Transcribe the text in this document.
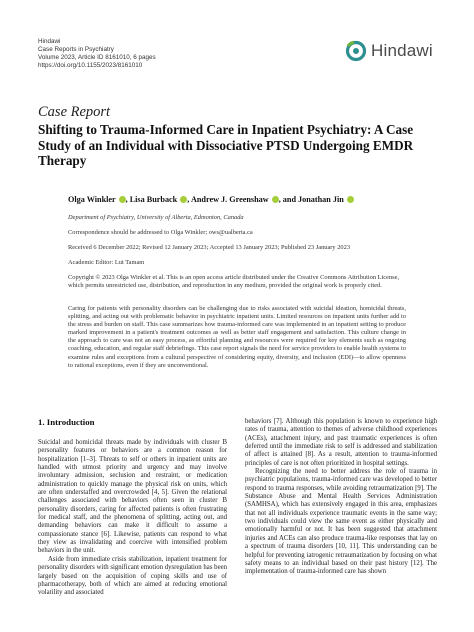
Hindawi
Case Reports in Psychiatry
Volume 2023, Article ID 8161010, 6 pages
https://doi.org/10.1155/2023/8161010
Hindawi
Case Report
Shifting to Trauma-Informed Care in Inpatient Psychiatry: A Case Study of an Individual with Dissociative PTSD Undergoing EMDR Therapy
Olga Winkler , Lisa Burback , Andrew J. Greenshaw , and Jonathan Jin
Department of Psychiatry, University of Alberta, Edmonton, Canada
Correspondence should be addressed to Olga Winkler; ows@ualberta.ca
Received 6 December 2022; Revised 12 January 2023; Accepted 13 January 2023; Published 23 January 2023
Academic Editor: Lut Tamam
Copyright © 2023 Olga Winkler et al. This is an open access article distributed under the Creative Commons Attribution License,
which permits unrestricted use, distribution, and reproduction in any medium, provided the original work is properly cited.

Caring for patients with personality disorders can be challenging due to risks associated with suicidal ideation, homicidal threats, splitting, and acting out with problematic behavior in psychiatric inpatient units. Limited resources on inpatient units further add to the stress and burden on staff. This case summarizes how trauma-informed care was implemented in an inpatient setting to produce marked improvement in a patient's treatment outcomes as well as better staff engagement and satisfaction. This culture change in the approach to care was not an easy process, as effortful planning and resources were required for key elements such as ongoing coaching, education, and regular staff debriefings. This case report signals the need for service providers to enable health systems to examine rules and exceptions from a cultural perspective of considering equity, diversity, and inclusion (EDI)—to allow openness to rational exceptions, even if they are unconventional.

1. Introduction

Suicidal and homicidal threats made by individuals with cluster B personality features or behaviors are a common reason for hospitalization [1–3]. Threats to self or others in inpatient units are handled with utmost priority and urgency and may involve involuntary admission, seclusion and restraint, or medication administration to quickly manage the physical risk on units, which are often understaffed and overcrowded [4, 5]. Given the relational challenges associated with behaviors often seen in cluster B personality disorders, caring for affected patients is often frustrating for medical staff, and the phenomena of splitting, acting out, and demanding behaviors can make it difficult to assume a compassionate stance [6]. Likewise, patients can respond to what they view as invalidating and coercive with intensified problem behaviors in the unit.

Aside from immediate crisis stabilization, inpatient treatment for personality disorders with significant emotion dysregulation has been largely based on the acquisition of coping skills and use of pharmacotherapy, both of which are aimed at reducing emotional volatility and associated

behaviors [7]. Although this population is known to experience high rates of trauma, attention to themes of adverse childhood experiences (ACEs), attachment injury, and past traumatic experiences is often deferred until the immediate risk to self is addressed and stabilization of affect is attained [8]. As a result, attention to trauma-informed principles of care is not often prioritized in hospital settings.

Recognizing the need to better address the role of trauma in psychiatric populations, trauma-informed care was developed to better respond to trauma responses, while avoiding retraumatization [9]. The Substance Abuse and Mental Health Services Administration (SAMHSA), which has extensively engaged in this area, emphasizes that not all individuals experience traumatic events in the same way; two individuals could view the same event as either physically and emotionally harmful or not. It has been suggested that attachment injuries and ACEs can also produce trauma-like responses that lay on a spectrum of trauma disorders [10, 11]. This understanding can be helpful for preventing iatrogenic retraumatization by focusing on what safety means to an individual based on their past history [12]. The implementation of trauma-informed care has shown
